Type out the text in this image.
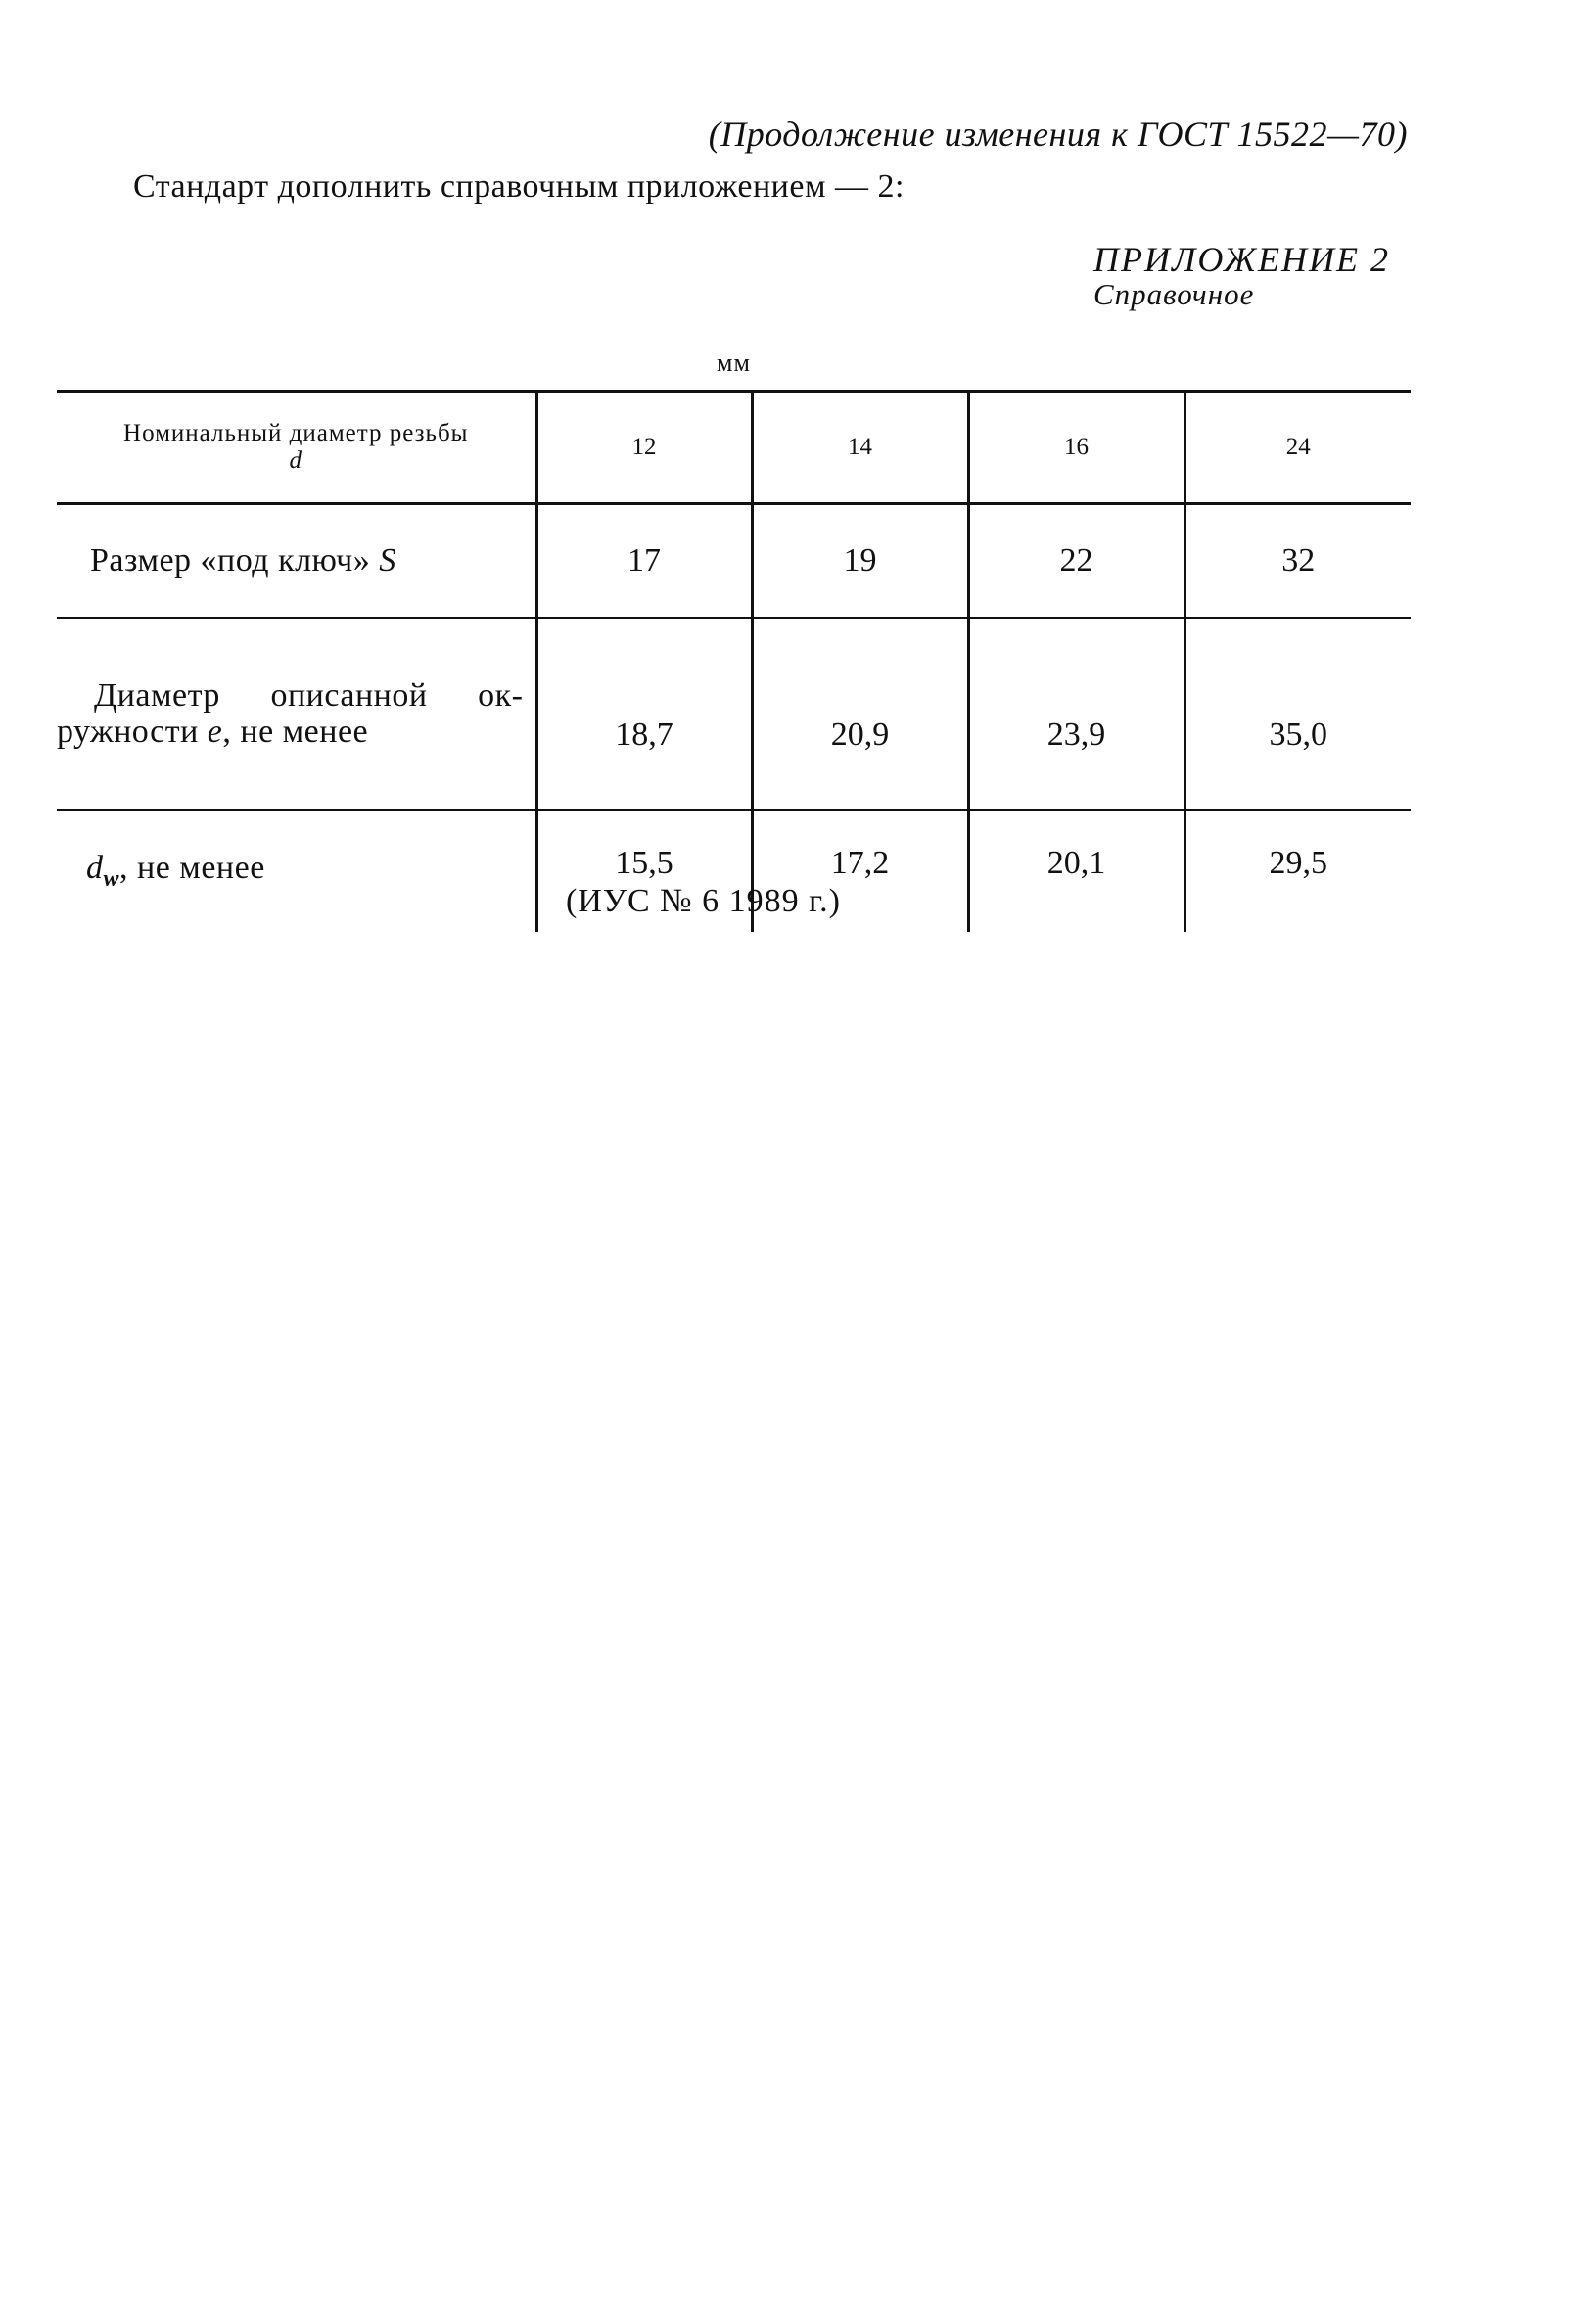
(Продолжение изменения к ГОСТ 15522—70)
Стандарт дополнить справочным приложением — 2:
ПРИЛОЖЕНИЕ 2
Справочное
мм
Номинальный диаметр резьбы
d	12	14	16	24
Размер «под ключ» S	17	19	22	32

Диаметр описанной ок-
ружности e, не менее	18,7	20,9	23,9	35,0
$d_w$, не менее	15,5	17,2	20,1	29,5
(ИУС № 6 1989 г.)
